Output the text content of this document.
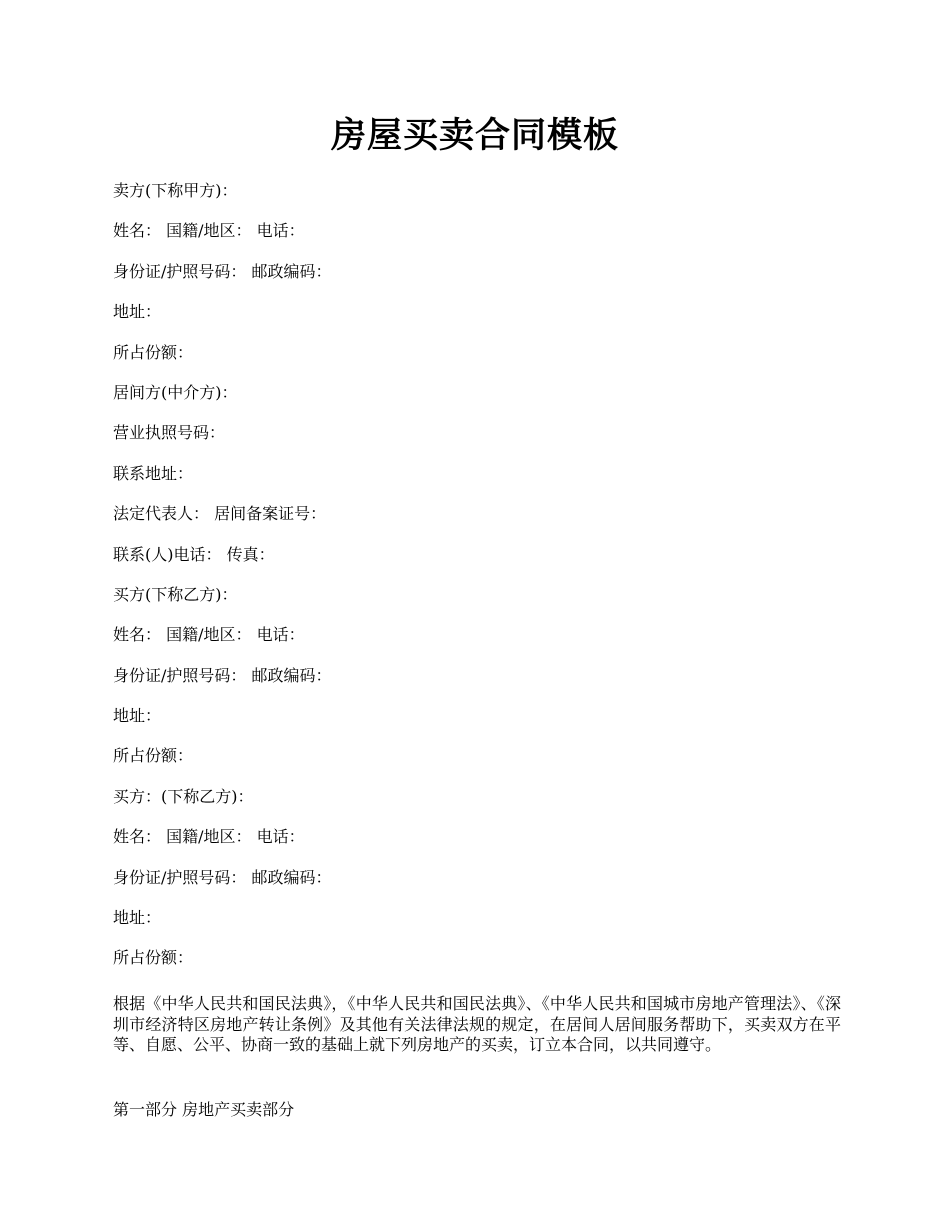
房屋买卖合同模板
卖方(下称甲方)：
姓名： 国籍/地区： 电话：
身份证/护照号码： 邮政编码：
地址：
所占份额：
居间方(中介方)：
营业执照号码：
联系地址：
法定代表人： 居间备案证号：
联系(人)电话： 传真：
买方(下称乙方)：
姓名： 国籍/地区： 电话：
身份证/护照号码： 邮政编码：
地址：
所占份额：
买方：(下称乙方)：
姓名： 国籍/地区： 电话：
身份证/护照号码： 邮政编码：
地址：
所占份额：
根据《中华人民共和国民法典》，《中华人民共和国民法典》、《中华人民共和国城市房地产管理法》、《深圳市经济特区房地产转让条例》及其他有关法律法规的规定，在居间人居间服务帮助下，买卖双方在平等、自愿、公平、协商一致的基础上就下列房地产的买卖，订立本合同，以共同遵守。
第一部分 房地产买卖部分
